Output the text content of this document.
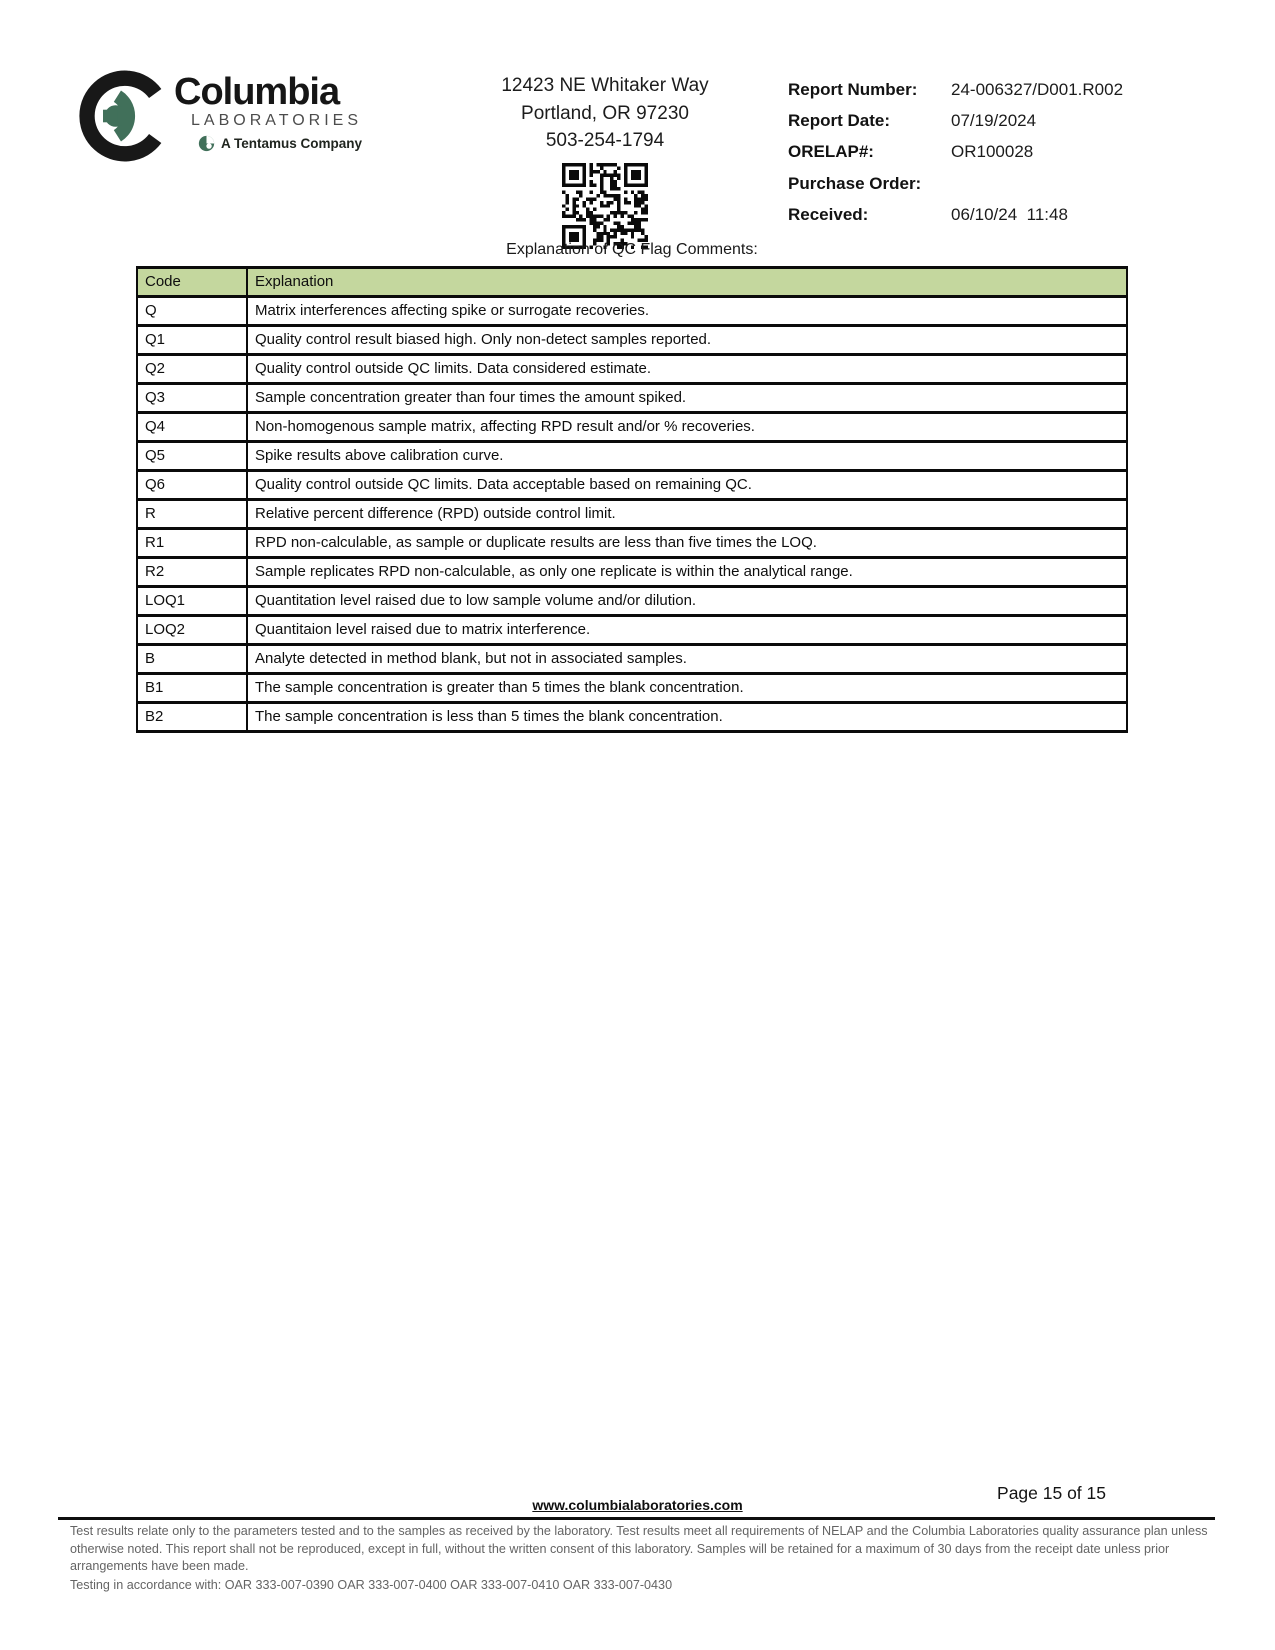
Columbia
LABORATORIES
A Tentamus Company
12423 NE Whitaker Way
Portland, OR 97230
503-254-1794
Report Number:	24-006327/D001.R002
Report Date:	07/19/2024
ORELAP#:	OR100028
Purchase Order:
Received:	06/10/24  11:48
Explanation of QC Flag Comments:
Code	Explanation
Q	Matrix interferences affecting spike or surrogate recoveries.
Q1	Quality control result biased high. Only non-detect samples reported.
Q2	Quality control outside QC limits. Data considered estimate.
Q3	Sample concentration greater than four times the amount spiked.
Q4	Non-homogenous sample matrix, affecting RPD result and/or % recoveries.
Q5	Spike results above calibration curve.
Q6	Quality control outside QC limits. Data acceptable based on remaining QC.
R	Relative percent difference (RPD) outside control limit.
R1	RPD non-calculable, as sample or duplicate results are less than five times the LOQ.
R2	Sample replicates RPD non-calculable, as only one replicate is within the analytical range.
LOQ1	Quantitation level raised due to low sample volume and/or dilution.
LOQ2	Quantitaion level raised due to matrix interference.
B	Analyte detected in method blank, but not in associated samples.
B1	The sample concentration is greater than 5 times the blank concentration.
B2	The sample concentration is less than 5 times the blank concentration.
Page 15 of 15
www.columbialaboratories.com
Test results relate only to the parameters tested and to the samples as received by the laboratory. Test results meet all requirements of NELAP and the Columbia Laboratories quality assurance plan unless otherwise noted. This report shall not be reproduced, except in full, without the written consent of this laboratory. Samples will be retained for a maximum of 30 days from the receipt date unless prior arrangements have been made.
Testing in accordance with: OAR 333-007-0390 OAR 333-007-0400 OAR 333-007-0410 OAR 333-007-0430
